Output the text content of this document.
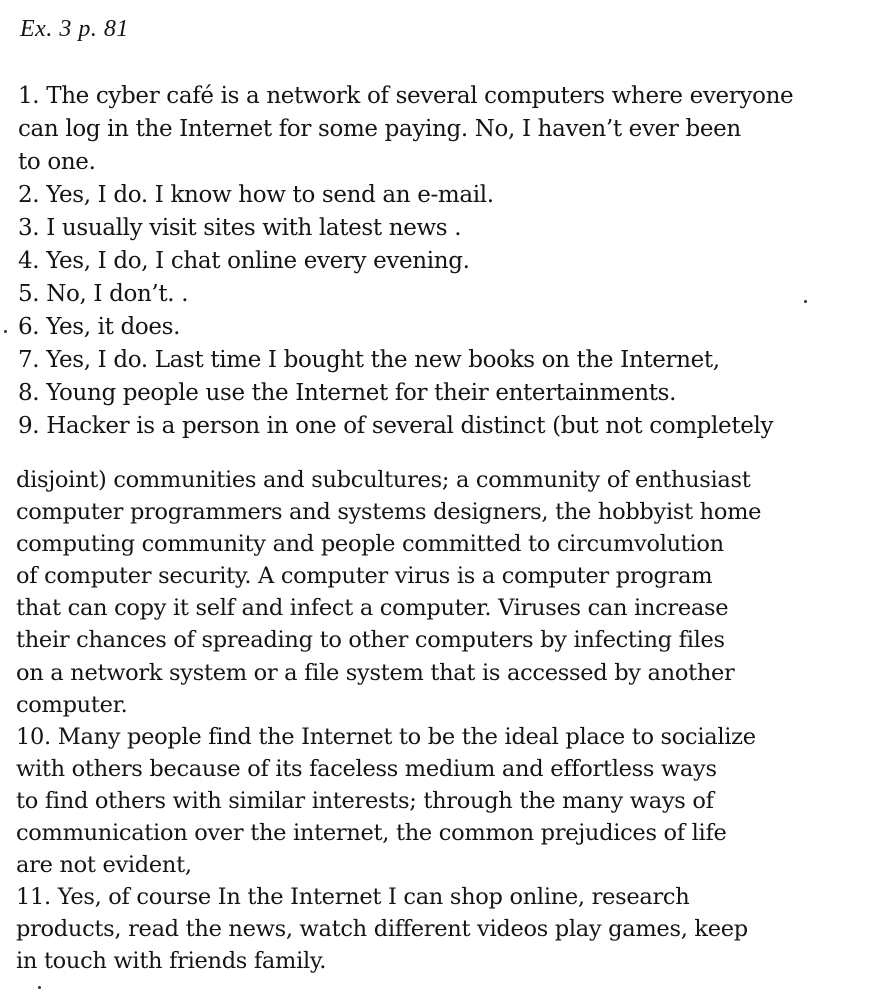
Ex. 3 p. 81
1. The cyber café is a network of several computers where everyone
can log in the Internet for some paying. No, I haven’t ever been
to one.
2. Yes, I do. I know how to send an e-mail.
3. I usually visit sites with latest news .
4. Yes, I do, I chat online every evening.
5. No, I don’t. .
6. Yes, it does.
7. Yes, I do. Last time I bought the new books on the Internet,
8. Young people use the Internet for their entertainments.
9. Hacker is a person in one of several distinct (but not completely
disjoint) communities and subcultures; a community of enthusiast
computer programmers and systems designers, the hobbyist home
computing community and people committed to circumvolution
of computer security. A computer virus is a computer program
that can copy it self and infect a computer. Viruses can increase
their chances of spreading to other computers by infecting files
on a network system or a file system that is accessed by another
computer.
10. Many people find the Internet to be the ideal place to socialize
with others because of its faceless medium and effortless ways
to find others with similar interests; through the many ways of
communication over the internet, the common prejudices of life
are not evident,
11. Yes, of course In the Internet I can shop online, research
products, read the news, watch different videos play games, keep
in touch with friends family.
